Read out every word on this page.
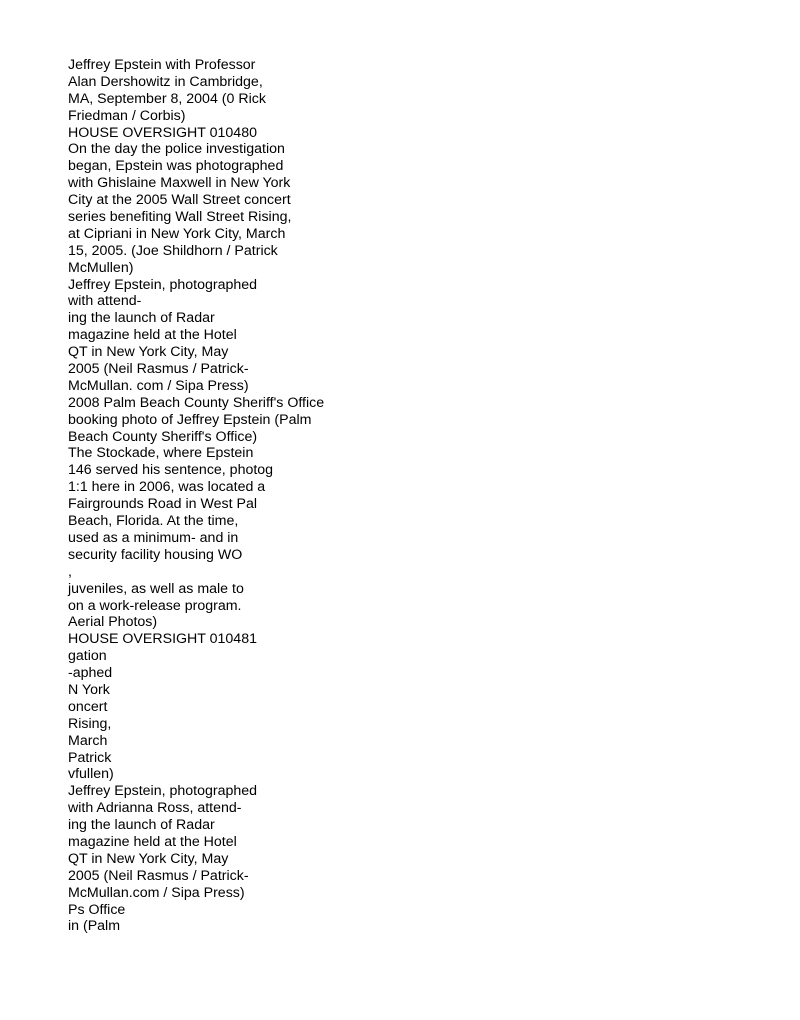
Jeffrey Epstein with Professor
Alan Dershowitz in Cambridge,
MA, September 8, 2004 (0 Rick
Friedman / Corbis)
HOUSE OVERSIGHT 010480
On the day the police investigation
began, Epstein was photographed
with Ghislaine Maxwell in New York
City at the 2005 Wall Street concert
series benefiting Wall Street Rising,
at Cipriani in New York City, March
15, 2005. (Joe Shildhorn / Patrick
McMullen)
Jeffrey Epstein, photographed
with attend-
ing the launch of Radar
magazine held at the Hotel
QT in New York City, May
2005 (Neil Rasmus / Patrick-
McMullan. com / Sipa Press)
2008 Palm Beach County Sheriff's Office
booking photo of Jeffrey Epstein (Palm
Beach County Sheriff's Office)
The Stockade, where Epstein
146 served his sentence, photog
1:1 here in 2006, was located a
Fairgrounds Road in West Pal
Beach, Florida. At the time,
used as a minimum- and in
security facility housing WO
,
juveniles, as well as male to
on a work-release program.
Aerial Photos)
HOUSE OVERSIGHT 010481
gation
-aphed
N York
oncert
Rising,
March
Patrick
vfullen)
Jeffrey Epstein, photographed
with Adrianna Ross, attend-
ing the launch of Radar
magazine held at the Hotel
QT in New York City, May
2005 (Neil Rasmus / Patrick-
McMullan.com / Sipa Press)
Ps Office
in (Palm
